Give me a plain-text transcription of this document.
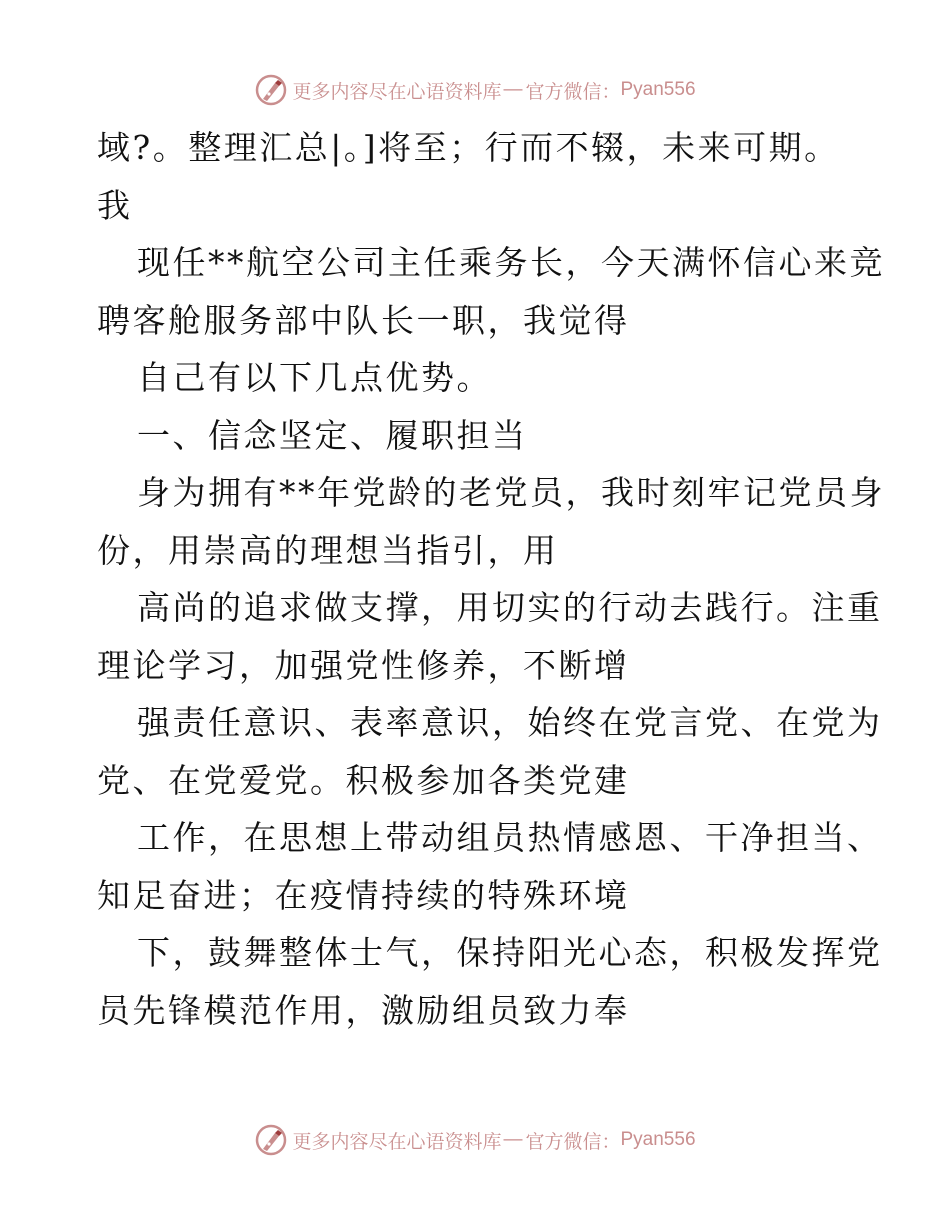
更多内容尽在心语资料库 — 官方微信： Pyan556
域?。整理汇总|。]将至；行而不辍，未来可期。
我
现任**航空公司主任乘务长，今天满怀信心来竞
聘客舱服务部中队长一职，我觉得
自己有以下几点优势。
一、信念坚定、履职担当
身为拥有**年党龄的老党员，我时刻牢记党员身
份，用崇高的理想当指引，用
高尚的追求做支撑，用切实的行动去践行。注重
理论学习，加强党性修养，不断增
强责任意识、表率意识，始终在党言党、在党为
党、在党爱党。积极参加各类党建
工作，在思想上带动组员热情感恩、干净担当、
知足奋进；在疫情持续的特殊环境
下，鼓舞整体士气，保持阳光心态，积极发挥党
员先锋模范作用，激励组员致力奉
更多内容尽在心语资料库 — 官方微信： Pyan556
